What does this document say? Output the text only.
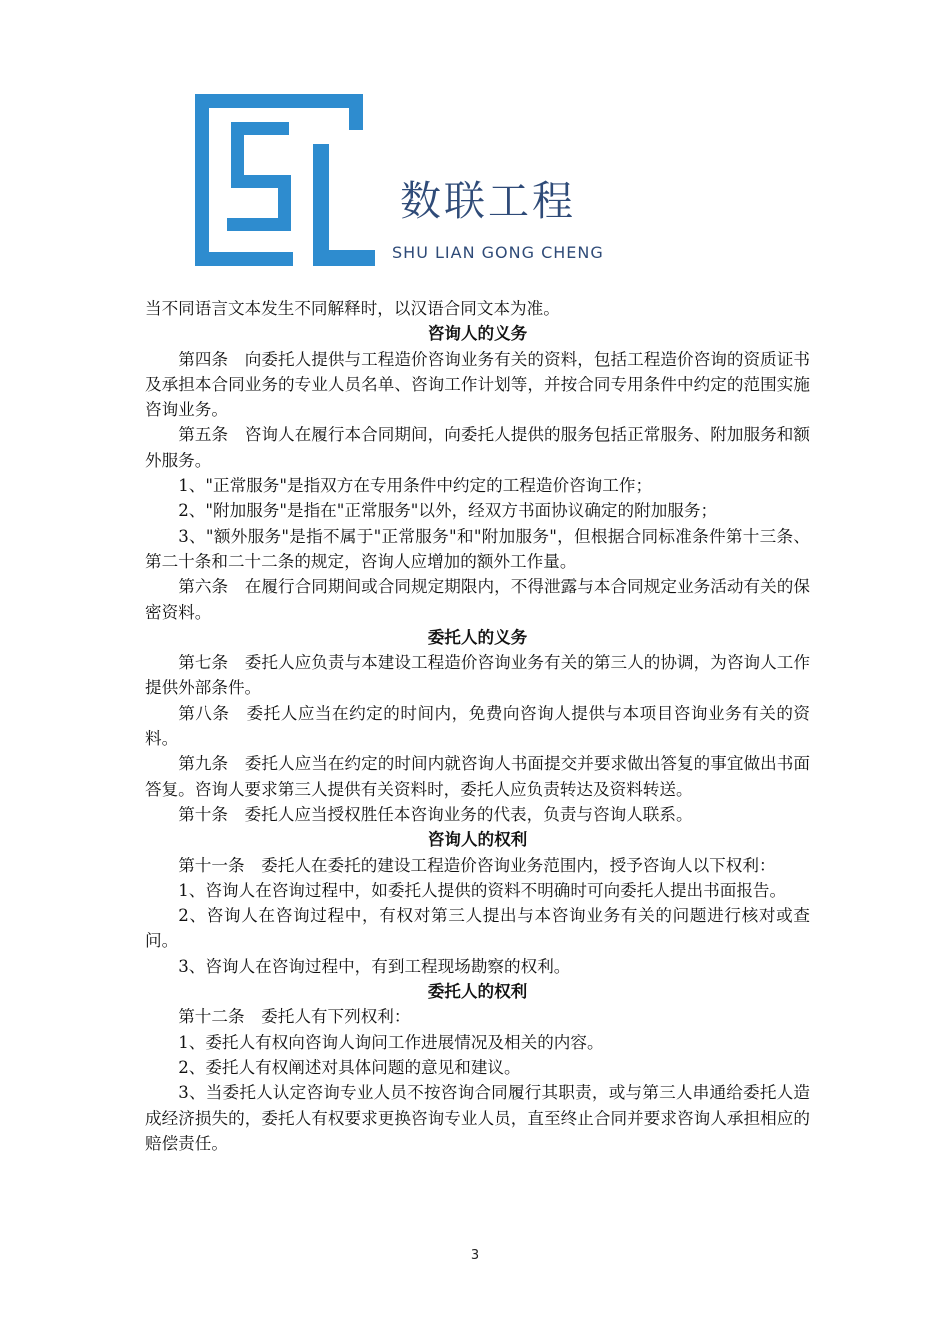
数联工程
SHU LIAN GONG CHENG

当不同语言文本发生不同解释时，以汉语合同文本为准。

咨询人的义务

第四条　向委托人提供与工程造价咨询业务有关的资料，包括工程造价咨询的资质证书及承担本合同业务的专业人员名单、咨询工作计划等，并按合同专用条件中约定的范围实施咨询业务。

第五条　咨询人在履行本合同期间，向委托人提供的服务包括正常服务、附加服务和额外服务。

1、"正常服务"是指双方在专用条件中约定的工程造价咨询工作；

2、"附加服务"是指在"正常服务"以外，经双方书面协议确定的附加服务；

3、"额外服务"是指不属于"正常服务"和"附加服务"，但根据合同标准条件第十三条、第二十条和二十二条的规定，咨询人应增加的额外工作量。

第六条　在履行合同期间或合同规定期限内，不得泄露与本合同规定业务活动有关的保密资料。

委托人的义务

第七条　委托人应负责与本建设工程造价咨询业务有关的第三人的协调，为咨询人工作提供外部条件。

第八条　委托人应当在约定的时间内，免费向咨询人提供与本项目咨询业务有关的资料。

第九条　委托人应当在约定的时间内就咨询人书面提交并要求做出答复的事宜做出书面答复。咨询人要求第三人提供有关资料时，委托人应负责转达及资料转送。

第十条　委托人应当授权胜任本咨询业务的代表，负责与咨询人联系。

咨询人的权利

第十一条　委托人在委托的建设工程造价咨询业务范围内，授予咨询人以下权利：

1、咨询人在咨询过程中，如委托人提供的资料不明确时可向委托人提出书面报告。

2、咨询人在咨询过程中，有权对第三人提出与本咨询业务有关的问题进行核对或查问。

3、咨询人在咨询过程中，有到工程现场勘察的权利。

委托人的权利

第十二条　委托人有下列权利：

1、委托人有权向咨询人询问工作进展情况及相关的内容。

2、委托人有权阐述对具体问题的意见和建议。

3、当委托人认定咨询专业人员不按咨询合同履行其职责，或与第三人串通给委托人造成经济损失的，委托人有权要求更换咨询专业人员，直至终止合同并要求咨询人承担相应的赔偿责任。

3
